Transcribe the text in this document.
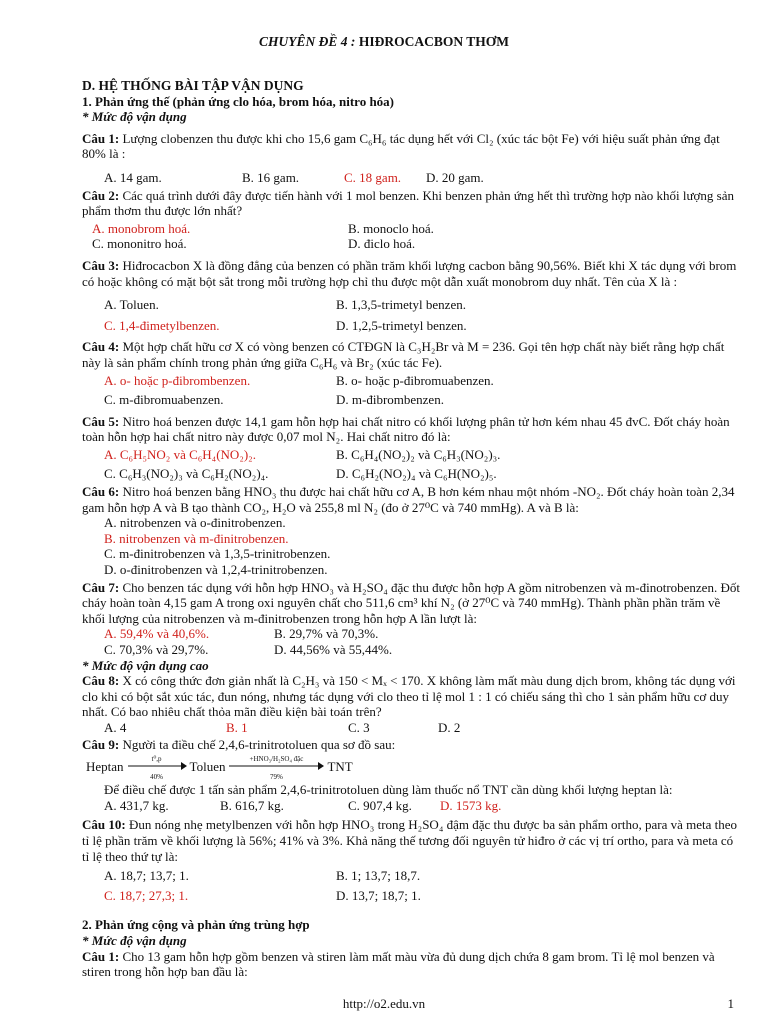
CHUYÊN ĐỀ 4 : HIĐROCACBON THƠM
D. HỆ THỐNG BÀI TẬP VẬN DỤNG
1. Phản ứng thế (phản ứng clo hóa, brom hóa, nitro hóa)
* Mức độ vận dụng
Câu 1: Lượng clobenzen thu được khi cho 15,6 gam C₆H₆ tác dụng hết với Cl₂ (xúc tác bột Fe) với hiệu suất phản ứng đạt 80% là :
A. 14 gam.	B. 16 gam.	C. 18 gam.	D. 20 gam.
Câu 2: Các quá trình dưới đây được tiến hành với 1 mol benzen. Khi benzen phản ứng hết thì trường hợp nào khối lượng sản phẩm thơm thu được lớn nhất?
A. monobrom hoá.	B. monoclo hoá.
C. mononitro hoá.	D. điclo hoá.
Câu 3: Hiđrocacbon X là đồng đẳng của benzen có phần trăm khối lượng cacbon bằng 90,56%. Biết khi X tác dụng với brom có hoặc không có mặt bột sắt trong mỗi trường hợp chỉ thu được một dẫn xuất monobrom duy nhất. Tên của X là :
A. Toluen.	B. 1,3,5-trimetyl benzen.
C. 1,4-đimetylbenzen.	D. 1,2,5-trimetyl benzen.
Câu 4: Một hợp chất hữu cơ X có vòng benzen có CTĐGN là C₃H₂Br và M = 236. Gọi tên hợp chất này biết rằng hợp chất này là sản phẩm chính trong phản ứng giữa C₆H₆ và Br₂ (xúc tác Fe).
A. o- hoặc p-đibrombenzen.	B. o- hoặc p-đibromuabenzen.
C. m-đibromuabenzen.	D. m-đibrombenzen.
Câu 5: Nitro hoá benzen được 14,1 gam hỗn hợp hai chất nitro có khối lượng phân tử hơn kém nhau 45 đvC. Đốt cháy hoàn toàn hỗn hợp hai chất nitro này được 0,07 mol N₂. Hai chất nitro đó là:
A. C₆H₅NO₂ và C₆H₄(NO₂)₂.	B. C₆H₄(NO₂)₂ và C₆H₃(NO₂)₃.
C. C₆H₃(NO₂)₃ và C₆H₂(NO₂)₄.	D. C₆H₂(NO₂)₄ và C₆H(NO₂)₅.
Câu 6: Nitro hoá benzen bằng HNO₃ thu được hai chất hữu cơ A, B hơn kém nhau một nhóm -NO₂. Đốt cháy hoàn toàn 2,34 gam hỗn hợp A và B tạo thành CO₂, H₂O và 255,8 ml N₂ (đo ở 27⁰C và 740 mmHg). A và B là:
A. nitrobenzen và o-đinitrobenzen.
B. nitrobenzen và m-đinitrobenzen.
C. m-đinitrobenzen và 1,3,5-trinitrobenzen.
D. o-đinitrobenzen và 1,2,4-trinitrobenzen.
Câu 7: Cho benzen tác dụng với hỗn hợp HNO₃ và H₂SO₄ đặc thu được hỗn hợp A gồm nitrobenzen và m-đinotrobenzen. Đốt cháy hoàn toàn 4,15 gam A trong oxi nguyên chất cho 511,6 cm³ khí N₂ (ở 27⁰C và 740 mmHg). Thành phần phần trăm về khối lượng của nitrobenzen và m-đinitrobenzen trong hỗn hợp A lần lượt là:
A. 59,4% và 40,6%.	B. 29,7% và 70,3%.
C. 70,3% và 29,7%.	D. 44,56% và 55,44%.
* Mức độ vận dụng cao
Câu 8: X có công thức đơn giản nhất là C₂H₃ và 150 < Mₓ < 170. X không làm mất màu dung dịch brom, không tác dụng với clo khi có bột sắt xúc tác, đun nóng, nhưng tác dụng với clo theo tỉ lệ mol 1 : 1 có chiếu sáng thì cho 1 sản phẩm hữu cơ duy nhất. Có bao nhiêu chất thỏa mãn điều kiện bài toán trên?
A. 4	B. 1	C. 3	D. 2
Câu 9: Người ta điều chế 2,4,6-trinitrotoluen qua sơ đồ sau:
Heptan	t⁰,p
40%
Toluen	+HNO₃/H₂SO₄ đặc
79%
TNT
Để điều chế được 1 tấn sản phẩm 2,4,6-trinitrotoluen dùng làm thuốc nổ TNT cần dùng khối lượng heptan là:
A. 431,7 kg.	B. 616,7 kg.	C. 907,4 kg.	D. 1573 kg.
Câu 10: Đun nóng nhẹ metylbenzen với hỗn hợp HNO₃ trong H₂SO₄ đậm đặc thu được ba sản phẩm ortho, para và meta theo tỉ lệ phần trăm về khối lượng là 56%; 41% và 3%. Khả năng thế tương đối nguyên tử hiđro ở các vị trí ortho, para và meta có tỉ lệ theo thứ tự là:
A. 18,7; 13,7; 1.	B. 1; 13,7; 18,7.
C. 18,7; 27,3; 1.	D. 13,7; 18,7; 1.
2. Phản ứng cộng và phản ứng trùng hợp
* Mức độ vận dụng
Câu 1: Cho 13 gam hỗn hợp gồm benzen và stiren làm mất màu vừa đủ dung dịch chứa 8 gam brom. Tỉ lệ mol benzen và stiren trong hỗn hợp ban đầu là:
http://o2.edu.vn	1
